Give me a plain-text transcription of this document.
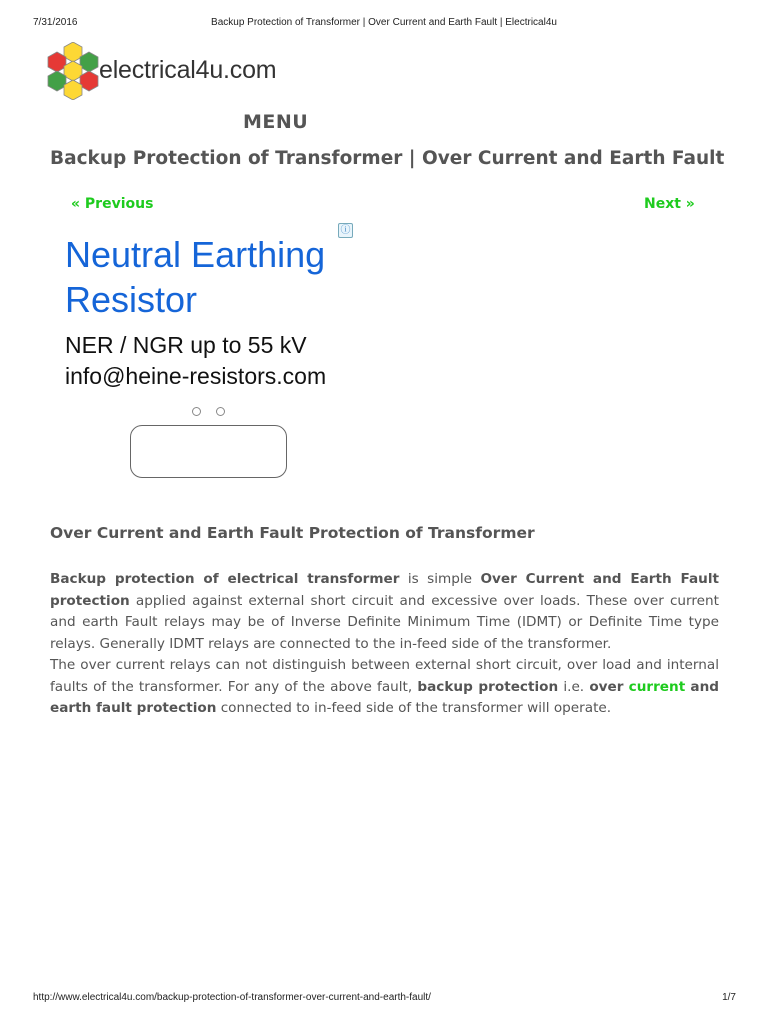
7/31/2016	Backup Protection of Transformer | Over Current and Earth Fault | Electrical4u
electrical4u.com
MENU
Backup Protection of Transformer | Over Current and Earth Fault
« Previous	Next »
ⓘ
Neutral Earthing Resistor
NER / NGR up to 55 kV
info@heine-resistors.com
Over Current and Earth Fault Protection of Transformer

Backup protection of electrical transformer is simple Over Current and Earth Fault protection applied against external short circuit and excessive over loads. These over current and earth Fault relays may be of Inverse Definite Minimum Time (IDMT) or Definite Time type relays. Generally IDMT relays are connected to the in-feed side of the transformer.

The over current relays can not distinguish between external short circuit, over load and internal faults of the transformer. For any of the above fault, backup protection i.e. over current and earth fault protection connected to in-feed side of the transformer will operate.

http://www.electrical4u.com/backup-protection-of-transformer-over-current-and-earth-fault/	1/7
